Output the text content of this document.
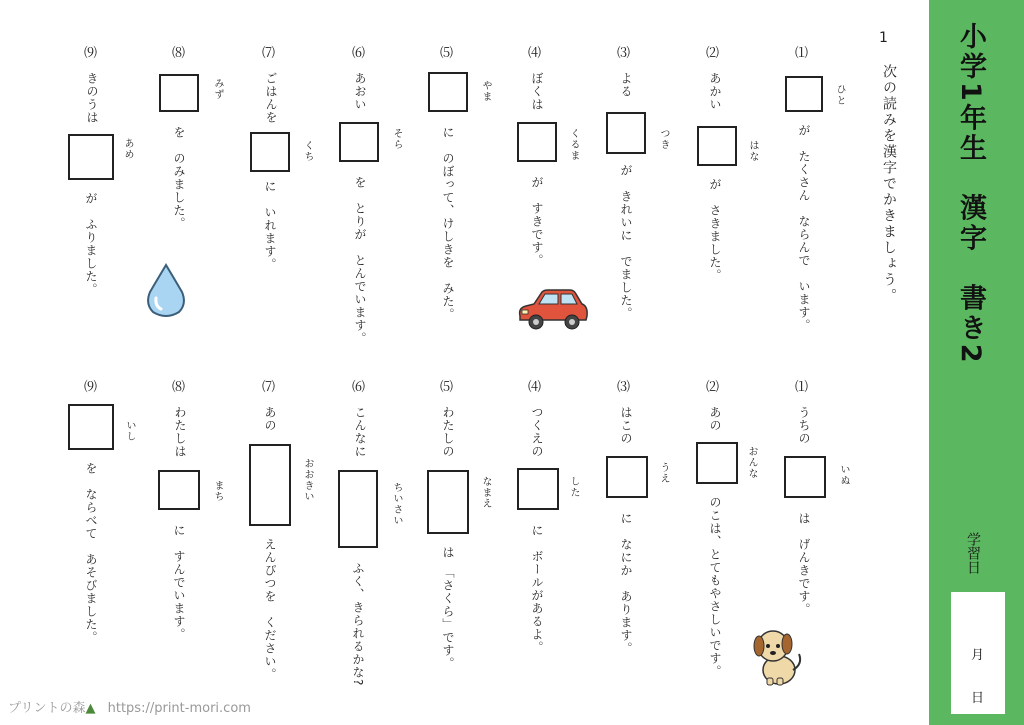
小学1年生　漢字　書き2
学習日
月
日
1
次の読みを漢字でかきましょう。
⑴
ひと
が　たくさん　ならんで　います。
⑵
あかい
はな
が　さきました。
⑶
よる
つき
が　きれいに　でました。
⑷
ぼくは
くるま
が　すきです。
⑸
やま
に　のぼって、けしきを　みた。
⑹
あおい
そら
を　とりが　とんでいます。
⑺
ごはんを
くち
に　いれます。
⑻
みず
を　のみました。
⑼
きのうは
あめ
が　ふりました。
⑴
うちの
いぬ
は　げんきです。
⑵
あの
おんな
のこは、とてもやさしいです。
⑶
はこの
うえ
に　なにか　あります。
⑷
つくえの
した
に　ボールがあるよ。
⑸
わたしの
なまえ
は　「さくら」です。
⑹
こんなに
ちいさい
ふく、きられるかな?
⑺
あの
おおきい
えんぴつを　ください。
⑻
わたしは
まち
に　すんでいます。
⑼
いし
を　ならべて　あそびました。
プリントの森▲ https://print-mori.com
